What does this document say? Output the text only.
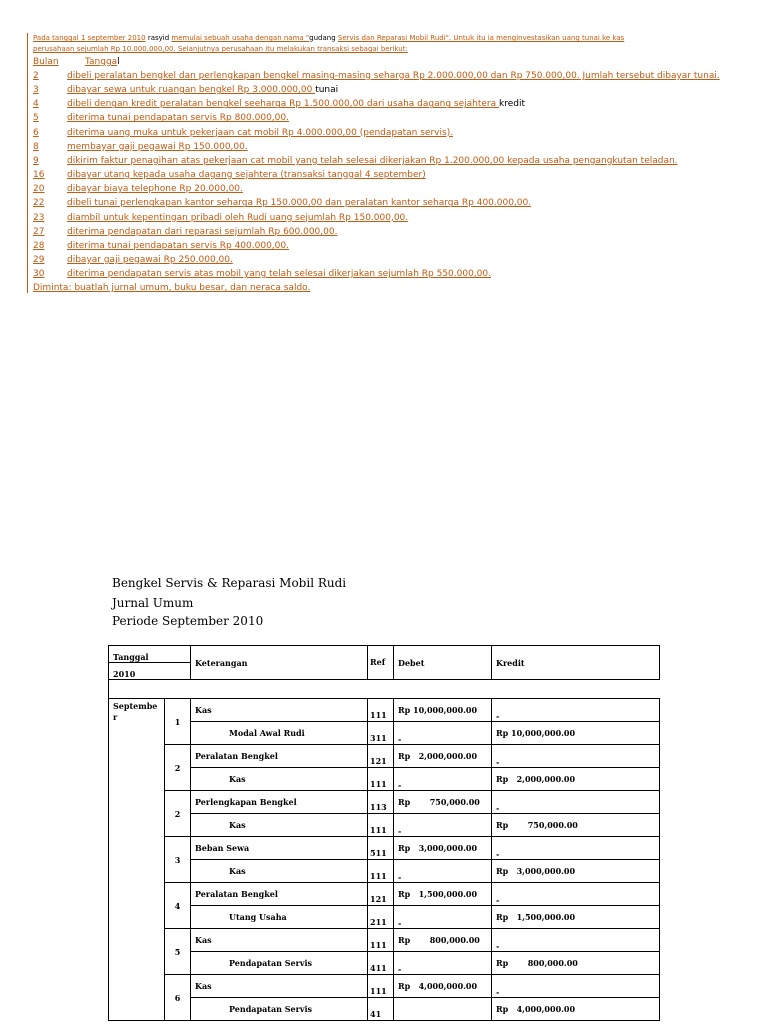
Pada tanggal 1 september 2010 rasyid memulai sebuah usaha dengan nama "gudang Servis dan Reparasi Mobil Rudi". Untuk itu ia menginvestasikan uang tunai ke kas
perusahaan sejumlah Rp 10.000.000,00. Selanjutnya perusahaan itu melakukan transaksi sebagai berikut:
Bulan	Tanggal
2	dibeli peralatan bengkel dan perlengkapan bengkel masing-masing seharga Rp 2.000.000,00 dan Rp 750.000,00. Jumlah tersebut dibayar tunai.
3	dibayar sewa untuk ruangan bengkel Rp 3.000.000,00 tunai
4	dibeli dengan kredit peralatan bengkel seeharga Rp 1.500.000,00 dari usaha dagang sejahtera kredit
5	diterima tunai pendapatan servis Rp 800.000,00.
6	diterima uang muka untuk pekerjaan cat mobil Rp 4.000.000,00 (pendapatan servis).
8	membayar gaji pegawai Rp 150.000,00.
9	dikirim faktur penagihan atas pekerjaan cat mobil yang telah selesai dikerjakan Rp 1.200.000,00 kepada usaha pengangkutan teladan.
16	dibayar utang kepada usaha dagang sejahtera (transaksi tanggal 4 september)
20	dibayar biaya telephone Rp 20.000,00.
22	dibeli tunai perlengkapan kantor seharga Rp 150.000,00 dan peralatan kantor seharga Rp 400.000,00.
23	diambil untuk kepentingan pribadi oleh Rudi uang sejumlah Rp 150.000,00.
27	diterima pendapatan dari reparasi sejumlah Rp 600.000,00.
28	diterima tunai pendapatan servis Rp 400.000,00.
29	dibayar gaji pegawai Rp 250.000,00.
30	diterima pendapatan servis atas mobil yang telah selesai dikerjakan sejumlah Rp 550.000,00.
Diminta: buatlah jurnal umum, buku besar, dan neraca saldo.
Bengkel Servis & Reparasi Mobil Rudi
Jurnal Umum
Periode September 2010
Tanggal		Keterangan	Ref	Debet	Kredit
2010					

September	1	Kas	111	Rp 10,000,000.00	-
		Modal Awal Rudi	311	-	Rp 10,000,000.00
	2	Peralatan Bengkel	121	Rp   2,000,000.00	-
		Kas	111	-	Rp   2,000,000.00
	2	Perlengkapan Bengkel	113	Rp       750,000.00	-
		Kas	111	-	Rp       750,000.00
	3	Beban Sewa	511	Rp   3,000,000.00	-
		Kas	111	-	Rp   3,000,000.00
	4	Peralatan Bengkel	121	Rp   1,500,000.00	-
		Utang Usaha	211	-	Rp   1,500,000.00
	5	Kas	111	Rp       800,000.00	-
		Pendapatan Servis	411	-	Rp       800,000.00
	6	Kas	111	Rp   4,000,000.00	-
		Pendapatan Servis	41		Rp   4,000,000.00
